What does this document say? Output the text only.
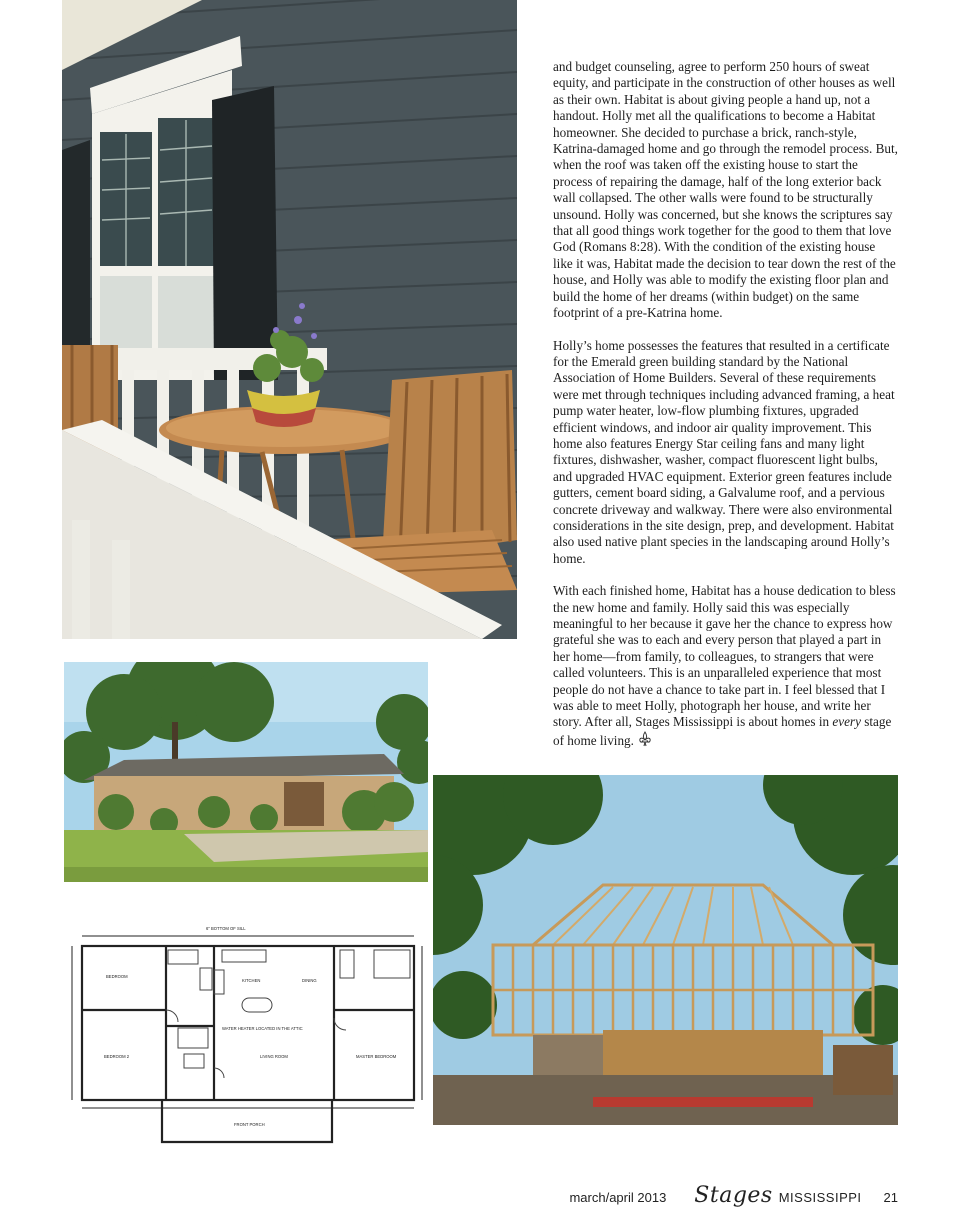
BEDROOM
BEDROOM 2	MASTER BEDROOM
KITCHEN	DINING
LIVING ROOM
FRONT PORCH
6" BOTTOM OF SILL
WATER HEATER LOCATED IN THE ATTIC

and budget counseling, agree to perform 250 hours of sweat equity, and participate in the construction of other houses as well as their own. Habitat is about giving people a hand up, not a handout. Holly met all the qualifications to become a Habitat homeowner. She decided to purchase a brick, ranch-style, Katrina-damaged home and go through the remodel process. But, when the roof was taken off the existing house to start the process of repairing the damage, half of the long exterior back wall collapsed. The other walls were found to be structurally unsound. Holly was concerned, but she knows the scriptures say that all good things work together for the good to them that love God (Romans 8:28). With the condition of the existing house like it was, Habitat made the decision to tear down the rest of the house, and Holly was able to modify the existing floor plan and build the home of her dreams (within budget) on the same footprint of a pre-Katrina home.

Holly’s home possesses the features that resulted in a certificate for the Emerald green building standard by the National Association of Home Builders. Several of these requirements were met through techniques including advanced framing, a heat pump water heater, low-flow plumbing fixtures, upgraded efficient windows, and indoor air quality improvement. This home also features Energy Star ceiling fans and many light fixtures, dishwasher, washer, compact fluorescent light bulbs, and upgraded HVAC equipment. Exterior green features include gutters, cement board siding, a Galvalume roof, and a pervious concrete driveway and walkway. There were also environmental considerations in the site design, prep, and development. Habitat also used native plant species in the landscaping around Holly’s home.

With each finished home, Habitat has a house dedication to bless the new home and family. Holly said this was especially meaningful to her because it gave her the chance to express how grateful she was to each and every person that played a part in her home—from family, to colleagues, to strangers that were called volunteers. This is an unparalleled experience that most people do not have a chance to take part in. I feel blessed that I was able to meet Holly, photograph her house, and write her story. After all, Stages Mississippi is about homes in every stage of home living.

march/april 2013 Stages MISSISSIPPI 21
